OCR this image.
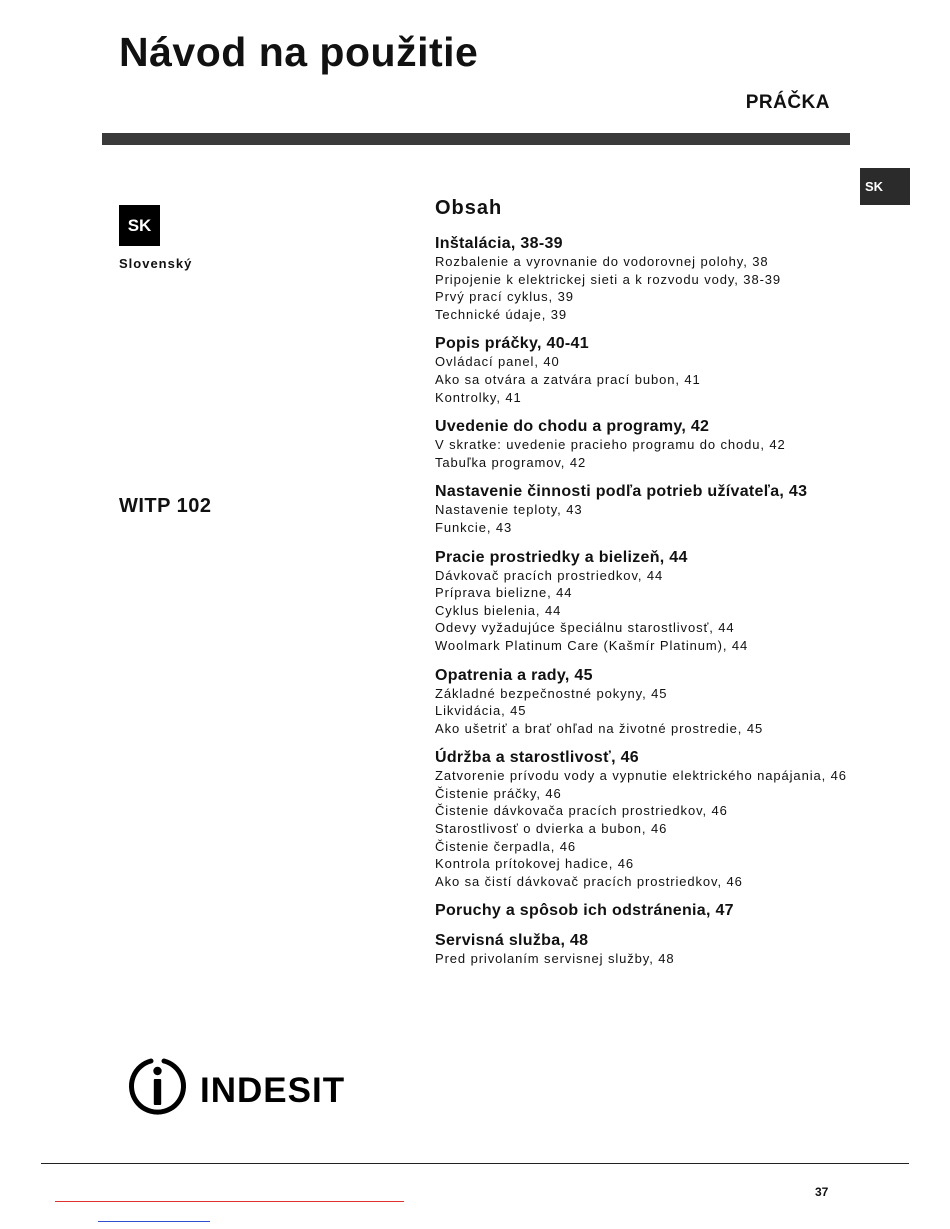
Návod na použitie
PRÁČKA
SK
SK
Slovenský
WITP 102
Obsah
Inštalácia, 38-39
Rozbalenie a vyrovnanie do vodorovnej polohy, 38
Pripojenie k elektrickej sieti a k rozvodu vody, 38-39
Prvý prací cyklus, 39
Technické údaje, 39
Popis práčky, 40-41
Ovládací panel, 40
Ako sa otvára a zatvára prací bubon, 41
Kontrolky, 41
Uvedenie do chodu a programy, 42
V skratke: uvedenie pracieho programu do chodu, 42
Tabuľka programov, 42
Nastavenie činnosti podľa potrieb užívateľa, 43
Nastavenie teploty, 43
Funkcie, 43
Pracie prostriedky a bielizeň, 44
Dávkovač pracích prostriedkov, 44
Príprava bielizne, 44
Cyklus bielenia, 44
Odevy vyžadujúce špeciálnu starostlivosť, 44
Woolmark Platinum Care (Kašmír Platinum), 44
Opatrenia a rady, 45
Základné bezpečnostné pokyny, 45
Likvidácia, 45
Ako ušetriť a brať ohľad na životné prostredie, 45
Údržba a starostlivosť, 46
Zatvorenie prívodu vody a vypnutie elektrického napájania, 46
Čistenie práčky, 46
Čistenie dávkovača pracích prostriedkov, 46
Starostlivosť o dvierka a bubon, 46
Čistenie čerpadla, 46
Kontrola prítokovej hadice, 46
Ako sa čistí dávkovač pracích prostriedkov, 46
Poruchy a spôsob ich odstránenia, 47
Servisná služba, 48
Pred privolaním servisnej služby, 48
INDESIT
37
